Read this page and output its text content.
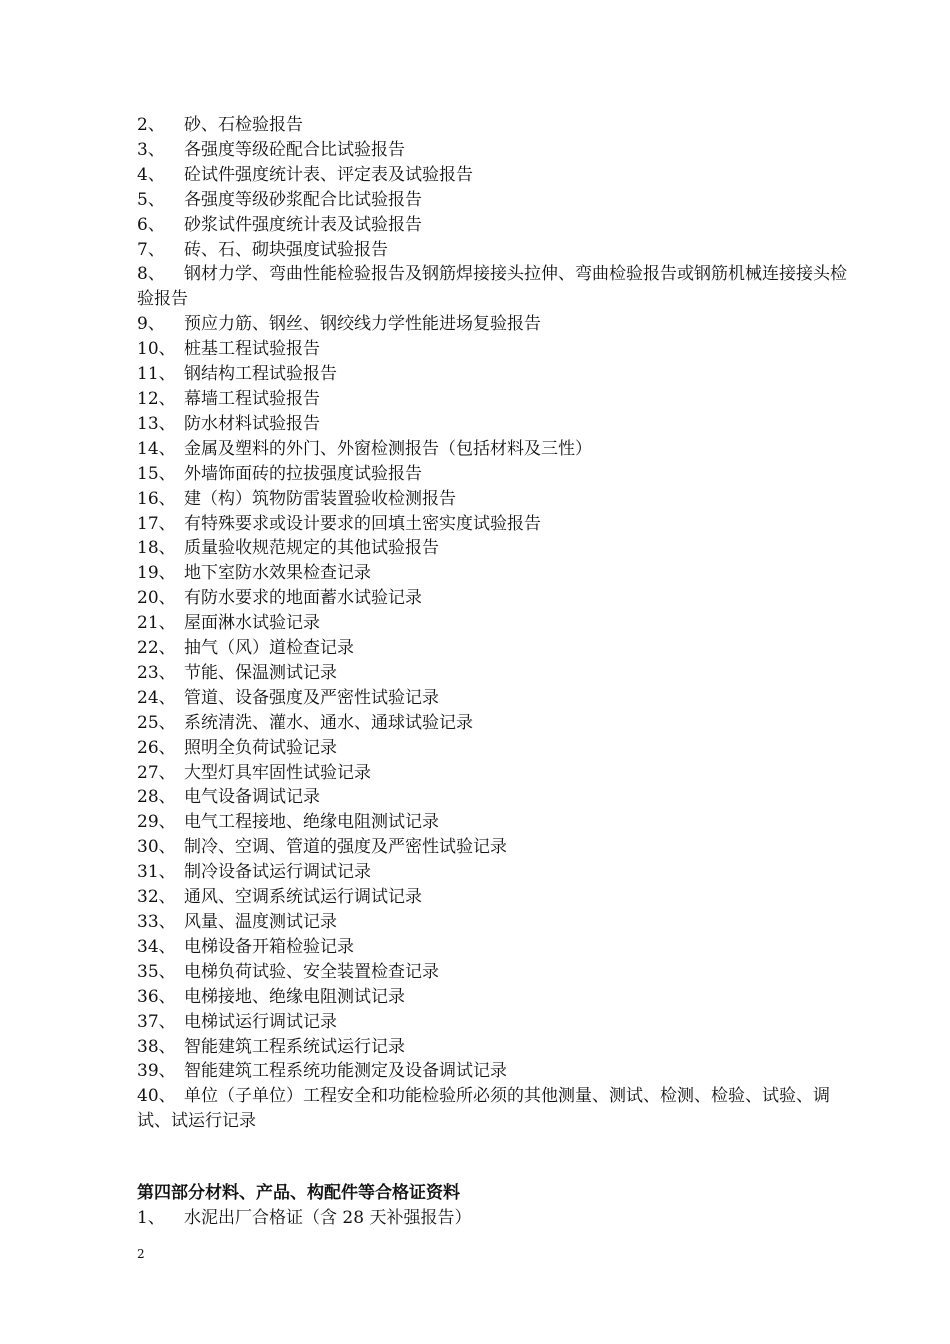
2、 砂、石检验报告
3、 各强度等级砼配合比试验报告
4、 砼试件强度统计表、评定表及试验报告
5、 各强度等级砂浆配合比试验报告
6、 砂浆试件强度统计表及试验报告
7、 砖、石、砌块强度试验报告
8、 钢材力学、弯曲性能检验报告及钢筋焊接接头拉伸、弯曲检验报告或钢筋机械连接接头检验报告
9、 预应力筋、钢丝、钢绞线力学性能进场复验报告
10、 桩基工程试验报告
11、 钢结构工程试验报告
12、 幕墙工程试验报告
13、 防水材料试验报告
14、 金属及塑料的外门、外窗检测报告（包括材料及三性）
15、 外墙饰面砖的拉拔强度试验报告
16、 建（构）筑物防雷装置验收检测报告
17、 有特殊要求或设计要求的回填土密实度试验报告
18、 质量验收规范规定的其他试验报告
19、 地下室防水效果检查记录
20、 有防水要求的地面蓄水试验记录
21、 屋面淋水试验记录
22、 抽气（风）道检查记录
23、 节能、保温测试记录
24、 管道、设备强度及严密性试验记录
25、 系统清洗、灌水、通水、通球试验记录
26、 照明全负荷试验记录
27、 大型灯具牢固性试验记录
28、 电气设备调试记录
29、 电气工程接地、绝缘电阻测试记录
30、 制冷、空调、管道的强度及严密性试验记录
31、 制冷设备试运行调试记录
32、 通风、空调系统试运行调试记录
33、 风量、温度测试记录
34、 电梯设备开箱检验记录
35、 电梯负荷试验、安全装置检查记录
36、 电梯接地、绝缘电阻测试记录
37、 电梯试运行调试记录
38、 智能建筑工程系统试运行记录
39、 智能建筑工程系统功能测定及设备调试记录
40、 单位（子单位）工程安全和功能检验所必须的其他测量、测试、检测、检验、试验、调试、试运行记录
第四部分材料、产品、构配件等合格证资料
1、 水泥出厂合格证（含 28 天补强报告）
2
